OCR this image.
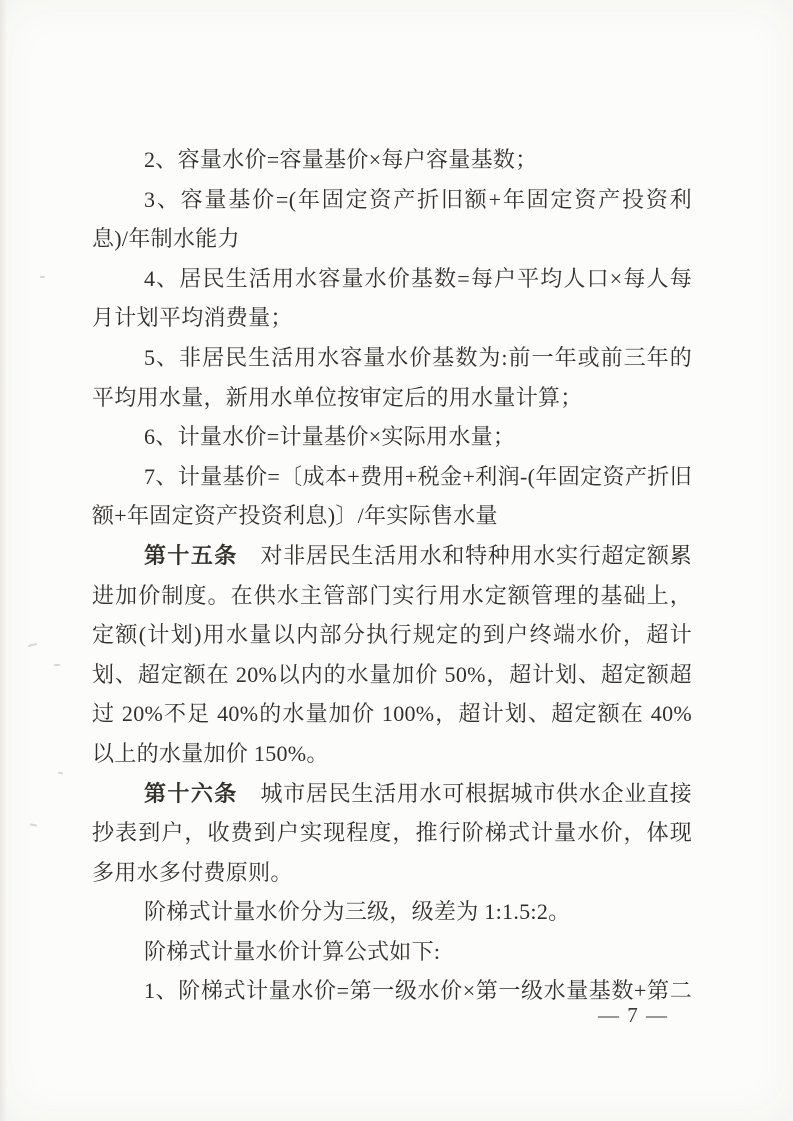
2、容量水价=容量基价×每户容量基数；
3、容量基价=(年固定资产折旧额+年固定资产投资利
息)/年制水能力
4、居民生活用水容量水价基数=每户平均人口×每人每
月计划平均消费量；
5、非居民生活用水容量水价基数为:前一年或前三年的
平均用水量，新用水单位按审定后的用水量计算；
6、计量水价=计量基价×实际用水量；
7、计量基价=〔成本+费用+税金+利润-(年固定资产折旧
额+年固定资产投资利息)〕/年实际售水量
第十五条　对非居民生活用水和特种用水实行超定额累
进加价制度。在供水主管部门实行用水定额管理的基础上，
定额(计划)用水量以内部分执行规定的到户终端水价，超计
划、超定额在 20%以内的水量加价 50%，超计划、超定额超
过 20%不足 40%的水量加价 100%，超计划、超定额在 40%
以上的水量加价 150%。
第十六条　城市居民生活用水可根据城市供水企业直接
抄表到户，收费到户实现程度，推行阶梯式计量水价，体现
多用水多付费原则。
阶梯式计量水价分为三级，级差为 1:1.5:2。
阶梯式计量水价计算公式如下:
1、阶梯式计量水价=第一级水价×第一级水量基数+第二
— 7 —
